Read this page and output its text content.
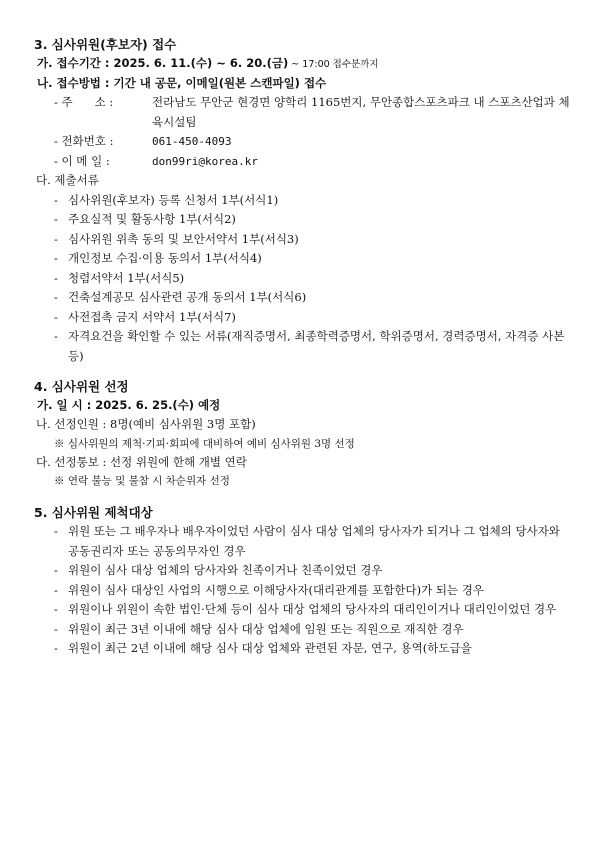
3. 심사위원(후보자) 접수
가. 접수기간 : 2025. 6. 11.(수) ~ 6. 20.(금) ~ 17:00 접수분까지
나. 접수방법 : 기간 내 공문, 이메일(원본 스캔파일) 접수
- 주      소 :	전라남도 무안군 현경면 양학리 1165번지, 무안종합스포츠파크 내 스포츠산업과 체육시설팀
- 전화번호 :	061-450-4093
- 이 메 일 :	don99ri@korea.kr
다. 제출서류
- 심사위원(후보자) 등록 신청서 1부(서식1)
- 주요실적 및 활동사항 1부(서식2)
- 심사위원 위촉 동의 및 보안서약서 1부(서식3)
- 개인정보 수집·이용 동의서 1부(서식4)
- 청렴서약서 1부(서식5)
- 건축설계공모 심사관련 공개 동의서 1부(서식6)
- 사전접촉 금지 서약서 1부(서식7)
- 자격요건을 확인할 수 있는 서류(재직증명서, 최종학력증명서, 학위증명서, 경력증명서, 자격증 사본 등)
4. 심사위원 선정
가. 일 시 : 2025. 6. 25.(수) 예정
나. 선정인원 : 8명(예비 심사위원 3명 포함)
※ 심사위원의 제척·기피·회피에 대비하여 예비 심사위원 3명 선정
다. 선정통보 : 선정 위원에 한해 개별 연락
※ 연락 불능 및 불참 시 차순위자 선정
5. 심사위원 제척대상
- 위원 또는 그 배우자나 배우자이었던 사람이 심사 대상 업체의 당사자가 되거나 그 업체의 당사자와 공동권리자 또는 공동의무자인 경우
- 위원이 심사 대상 업체의 당사자와 친족이거나 친족이었던 경우
- 위원이 심사 대상인 사업의 시행으로 이해당사자(대리관계를 포함한다)가 되는 경우
- 위원이나 위원이 속한 법인·단체 등이 심사 대상 업체의 당사자의 대리인이거나 대리인이었던 경우
- 위원이 최근 3년 이내에 해당 심사 대상 업체에 임원 또는 직원으로 재직한 경우
- 위원이 최근 2년 이내에 해당 심사 대상 업체와 관련된 자문, 연구, 용역(하도급을
